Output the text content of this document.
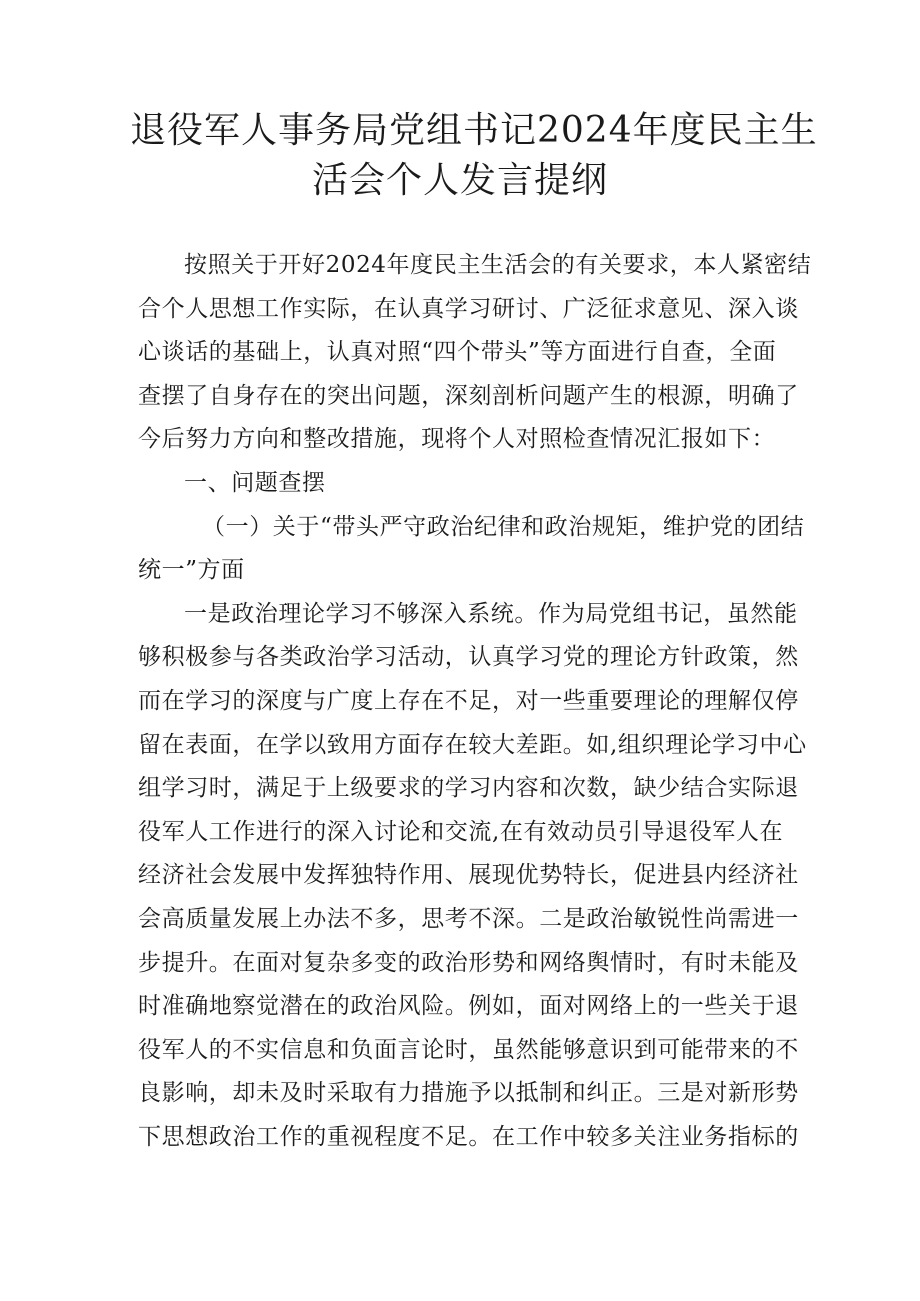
退役军人事务局党组书记2024年度民主生
活会个人发言提纲
按照关于开好2024年度民主生活会的有关要求，本人紧密结
合个人思想工作实际，在认真学习研讨、广泛征求意见、深入谈
心谈话的基础上，认真对照“四个带头”等方面进行自查，全面
查摆了自身存在的突出问题，深刻剖析问题产生的根源，明确了
今后努力方向和整改措施，现将个人对照检查情况汇报如下：
一、问题查摆
（一）关于“带头严守政治纪律和政治规矩，维护党的团结
统一”方面
一是政治理论学习不够深入系统。作为局党组书记，虽然能
够积极参与各类政治学习活动，认真学习党的理论方针政策，然
而在学习的深度与广度上存在不足，对一些重要理论的理解仅停
留在表面，在学以致用方面存在较大差距。如,组织理论学习中心
组学习时，满足于上级要求的学习内容和次数，缺少结合实际退
役军人工作进行的深入讨论和交流,在有效动员引导退役军人在
经济社会发展中发挥独特作用、展现优势特长，促进县内经济社
会高质量发展上办法不多，思考不深。二是政治敏锐性尚需进一
步提升。在面对复杂多变的政治形势和网络舆情时，有时未能及
时准确地察觉潜在的政治风险。例如，面对网络上的一些关于退
役军人的不实信息和负面言论时，虽然能够意识到可能带来的不
良影响，却未及时采取有力措施予以抵制和纠正。三是对新形势
下思想政治工作的重视程度不足。在工作中较多关注业务指标的
